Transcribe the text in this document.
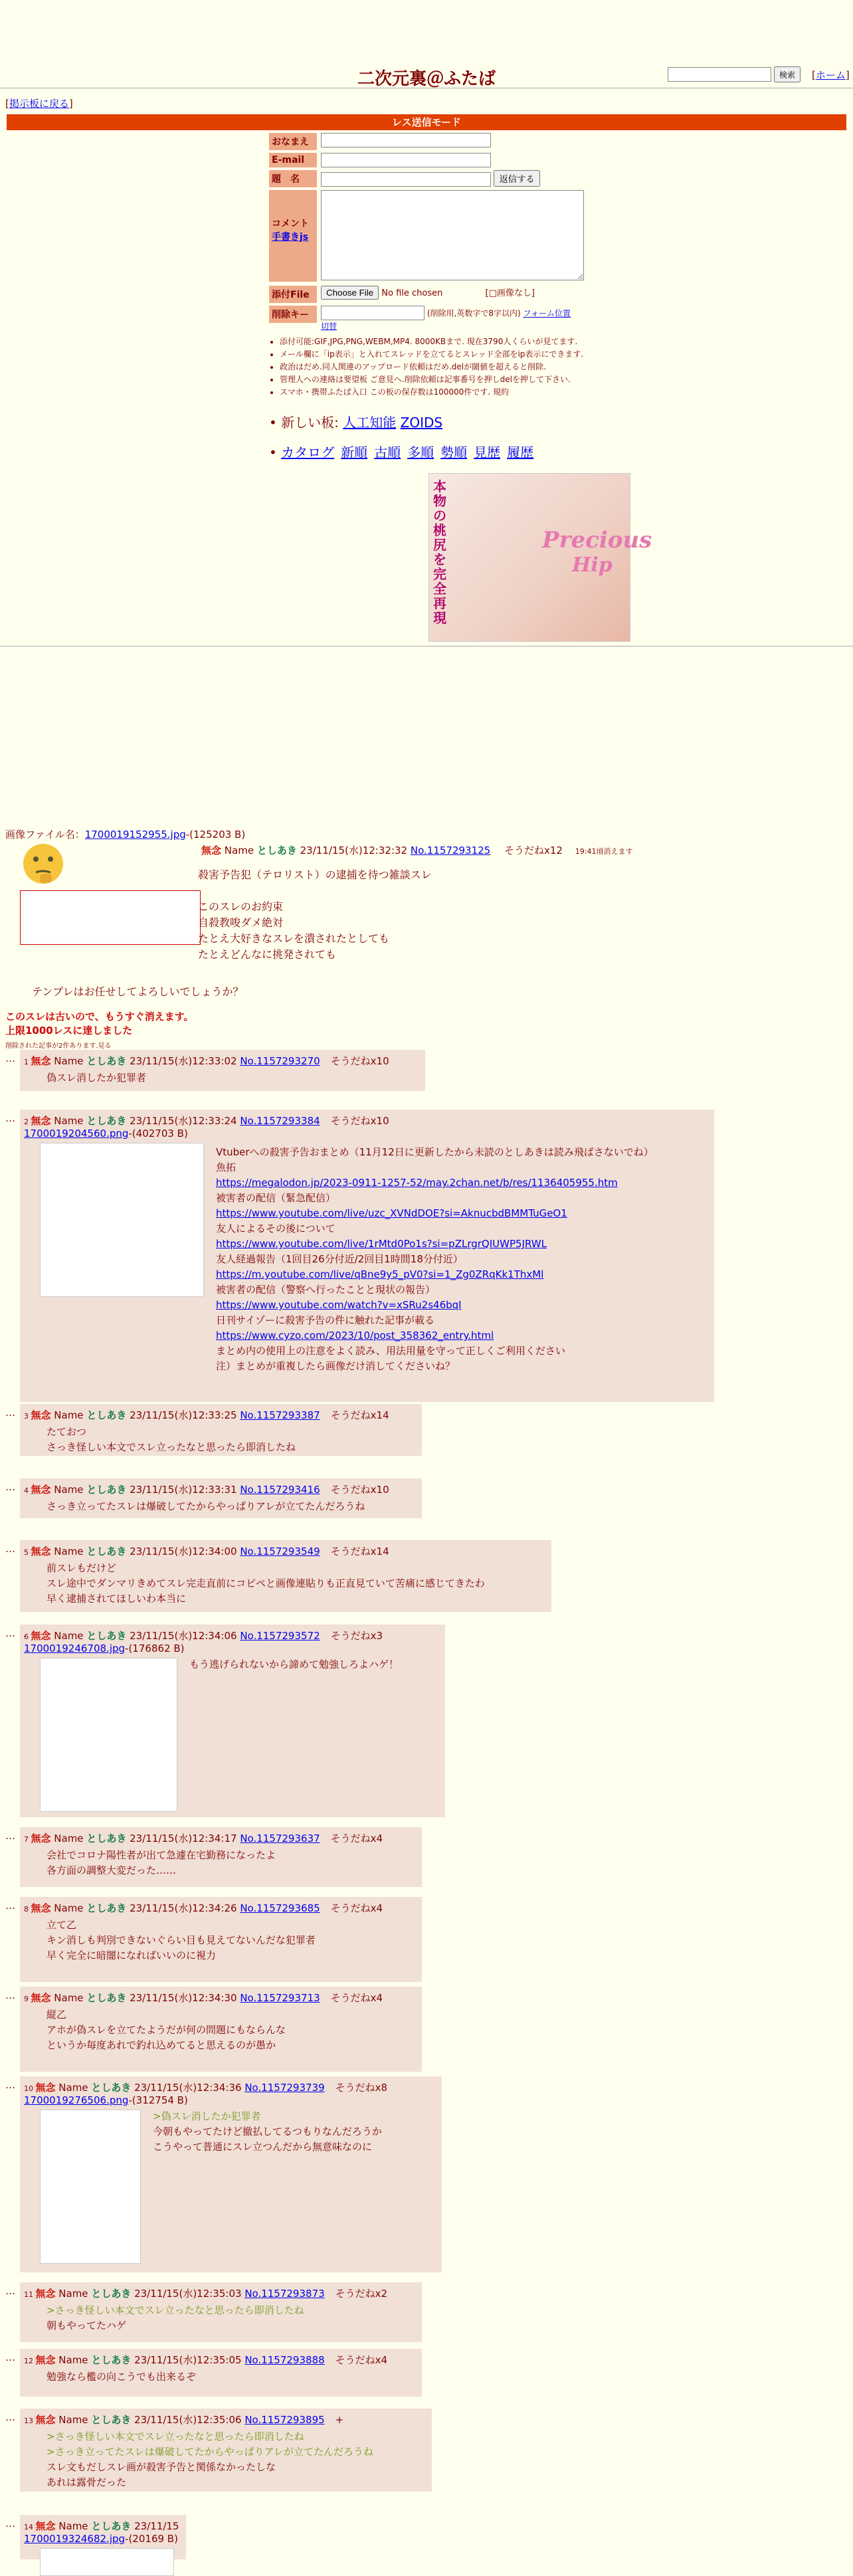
二次元裏＠ふたば	検索	[ホーム]
[掲示板に戻る]
レス送信モード
おなまえ
E-mail
題　名	返信する
コメント
手書きjs
添付File	Choose File No file chosen	[□画像なし]
削除キー	(削除用,英数字で8字以内) フォーム位置
切替
• 添付可能:GIF,JPG,PNG,WEBM,MP4. 8000KBまで. 現在3790人くらいが見てます.
• メール欄に「ip表示」と入れてスレッドを立てるとスレッド全部をip表示にできます.
• 政治はだめ.同人関連のアップロード依頼はだめ.delが閾値を超えると削除.
• 管理人への連絡は要望板 ご意見へ.削除依頼は記事番号を押しdelを押して下さい.
• スマホ・携帯ふたば入口 この板の保存数は100000件です. 規約
• 新しい板: 人工知能 ZOIDS
• カタログ 新順 古順 多順 勢順 見歴 履歴
本物の桃尻を完全再現
Precious
Hip
画像ファイル名：1700019152955.jpg-(125203 B)
無念 Name としあき 23/11/15(水)12:32:32 No.1157293125 そうだねx12 19:41頃消えます
殺害予告犯（テロリスト）の逮捕を待つ雑談スレ

このスレのお約束
自殺教唆ダメ絶対
たとえ大好きなスレを潰されたとしても
たとえどんなに挑発されても
テンプレはお任せしてよろしいでしょうか？
このスレは古いので、もうすぐ消えます。
上限1000レスに達しました
削除された記事が2件あります.見る
…	1 無念 Name としあき 23/11/15(水)12:33:02 No.1157293270 そうだねx10
偽スレ消したか犯罪者
…	2 無念 Name としあき 23/11/15(水)12:33:24 No.1157293384 そうだねx10
1700019204560.png-(402703 B)
Vtuberへの殺害予告おまとめ（11月12日に更新したから未読のとしあきは読み飛ばさないでね）
魚拓
https://megalodon.jp/2023-0911-1257-52/may.2chan.net/b/res/1136405955.htm
被害者の配信（緊急配信）
https://www.youtube.com/live/uzc_XVNdDOE?si=AknucbdBMMTuGeO1
友人によるその後について
https://www.youtube.com/live/1rMtd0Po1s?si=pZLrgrQIUWP5JRWL
友人経過報告（1回目26分付近/2回目1時間18分付近）
https://m.youtube.com/live/qBne9y5_pV0?si=1_Zg0ZRqKk1ThxMl
被害者の配信（警察へ行ったことと現状の報告）
https://www.youtube.com/watch?v=xSRu2s46bqI
日刊サイゾーに殺害予告の件に触れた記事が載る
https://www.cyzo.com/2023/10/post_358362_entry.html
まとめ内の使用上の注意をよく読み、用法用量を守って正しくご利用ください
注）まとめが重複したら画像だけ消してくださいね？
…	3 無念 Name としあき 23/11/15(水)12:33:25 No.1157293387 そうだねx14
たておつ
さっき怪しい本文でスレ立ったなと思ったら即消したね
…	4 無念 Name としあき 23/11/15(水)12:33:31 No.1157293416 そうだねx10
さっき立ってたスレは爆破してたからやっぱりアレが立てたんだろうね
…	5 無念 Name としあき 23/11/15(水)12:34:00 No.1157293549 そうだねx14
前スレもだけど
スレ途中でダンマリきめてスレ完走直前にコピペと画像連貼りも正直見ていて苦痛に感じてきたわ
早く逮捕されてほしいわ本当に
…	6 無念 Name としあき 23/11/15(水)12:34:06 No.1157293572 そうだねx3
1700019246708.jpg-(176862 B)
もう逃げられないから諦めて勉強しろよハゲ！
…	7 無念 Name としあき 23/11/15(水)12:34:17 No.1157293637 そうだねx4
会社でコロナ陽性者が出て急遽在宅勤務になったよ
各方面の調整大変だった……
…	8 無念 Name としあき 23/11/15(水)12:34:26 No.1157293685 そうだねx4
立て乙
キン消しも判別できないぐらい目も見えてないんだな犯罪者
早く完全に暗闇になればいいのに視力
…	9 無念 Name としあき 23/11/15(水)12:34:30 No.1157293713 そうだねx4
縦乙
アホが偽スレを立てたようだが何の問題にもならんな
というか毎度あれで釣れ込めてると思えるのが愚か
…	10 無念 Name としあき 23/11/15(水)12:34:36 No.1157293739 そうだねx8
1700019276506.png-(312754 B)
>偽スレ消したか犯罪者
今朝もやってたけど撤払してるつもりなんだろうか
こうやって普通にスレ立つんだから無意味なのに
…	11 無念 Name としあき 23/11/15(水)12:35:03 No.1157293873 そうだねx2
>さっき怪しい本文でスレ立ったなと思ったら即消したね
朝もやってたハゲ
…	12 無念 Name としあき 23/11/15(水)12:35:05 No.1157293888 そうだねx4
勉強なら檻の向こうでも出来るぞ
…	13 無念 Name としあき 23/11/15(水)12:35:06 No.1157293895 +
>さっき怪しい本文でスレ立ったなと思ったら即消したね
>さっき立ってたスレは爆破してたからやっぱりアレが立てたんだろうね
スレ文もだしスレ画が殺害予告と関係なかったしな
あれは露骨だった
…	14 無念 Name としあき 23/11/15
1700019324682.jpg-(20169 B)
